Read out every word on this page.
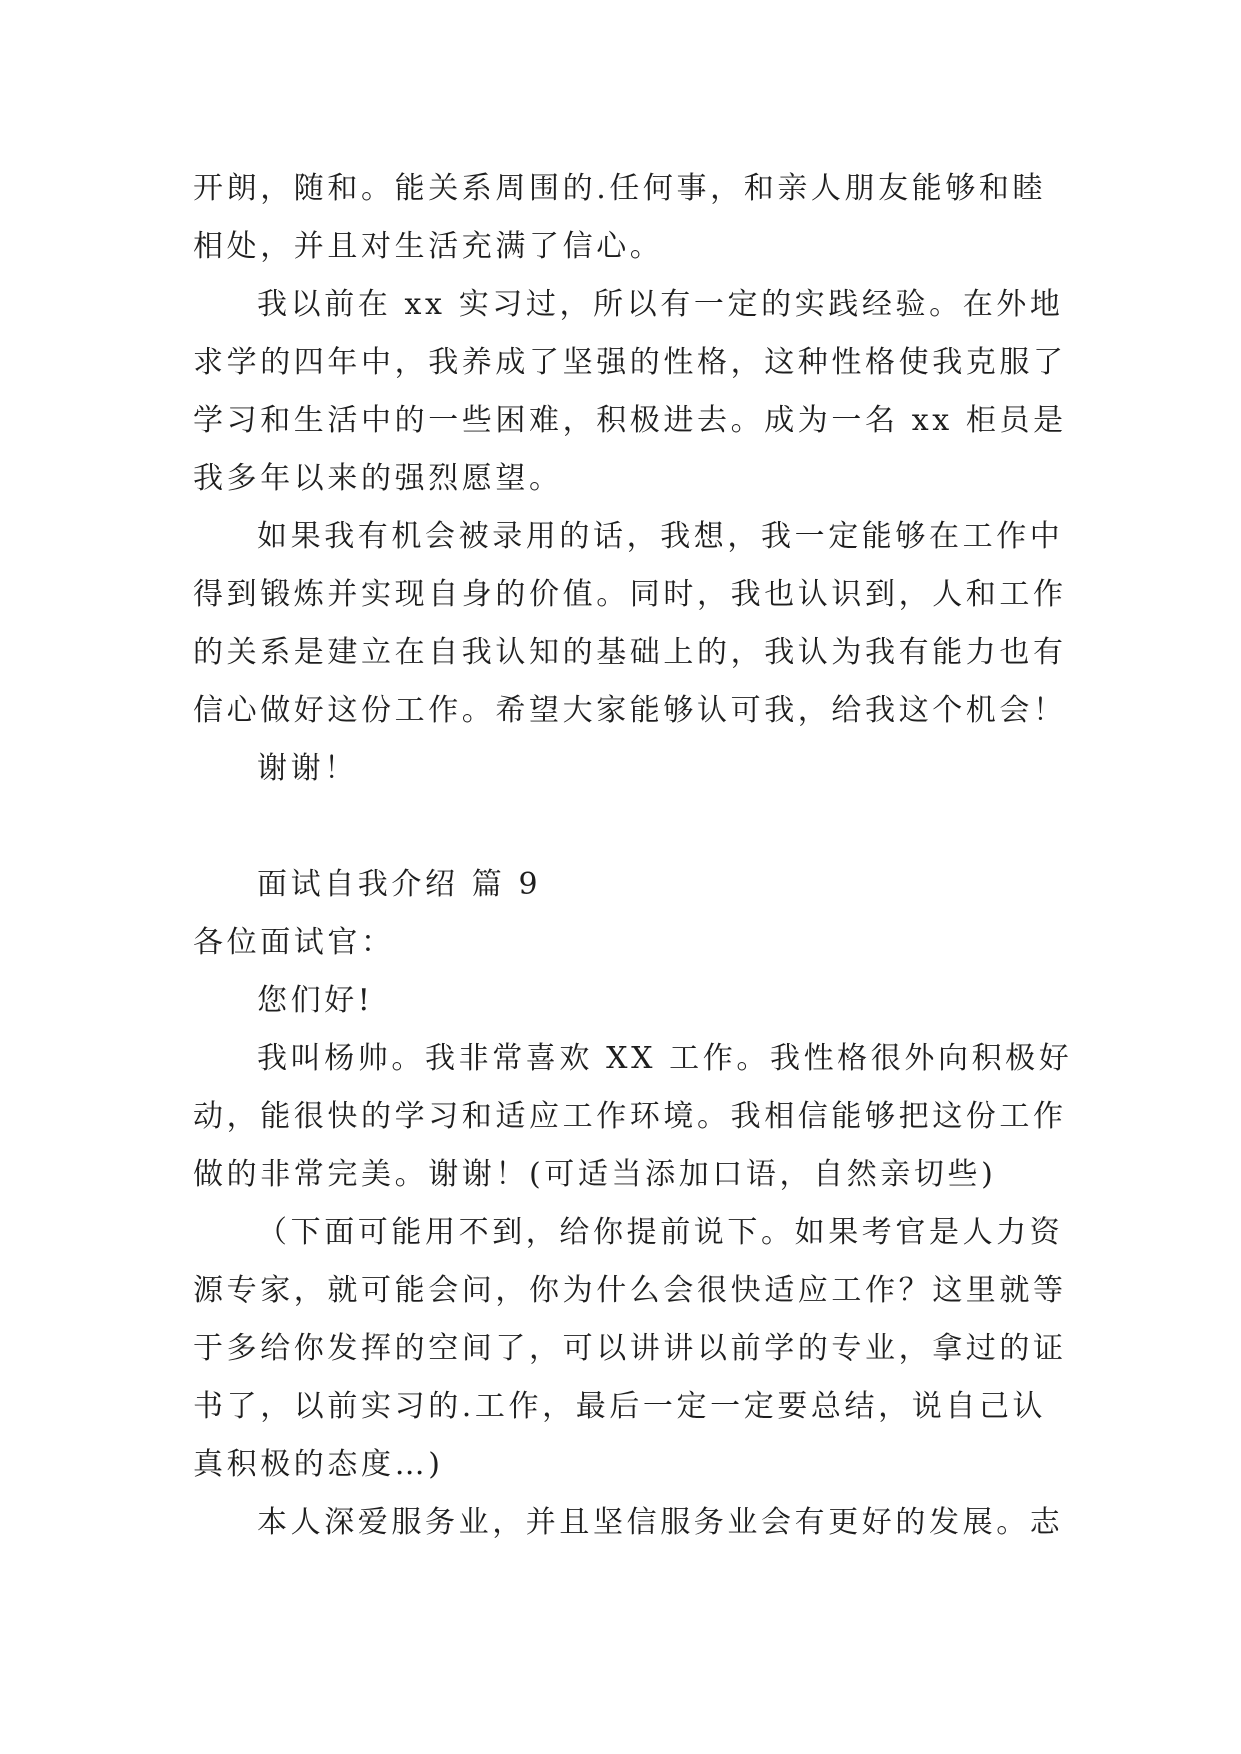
开朗，随和。能关系周围的.任何事，和亲人朋友能够和睦
相处，并且对生活充满了信心。
我以前在 xx 实习过，所以有一定的实践经验。在外地
求学的四年中，我养成了坚强的性格，这种性格使我克服了
学习和生活中的一些困难，积极进去。成为一名 xx 柜员是
我多年以来的强烈愿望。
如果我有机会被录用的话，我想，我一定能够在工作中
得到锻炼并实现自身的价值。同时，我也认识到，人和工作
的关系是建立在自我认知的基础上的，我认为我有能力也有
信心做好这份工作。希望大家能够认可我，给我这个机会！
谢谢！
面试自我介绍 篇 9
各位面试官：
您们好!
我叫杨帅。我非常喜欢 XX 工作。我性格很外向积极好
动，能很快的学习和适应工作环境。我相信能够把这份工作
做的非常完美。谢谢！(可适当添加口语，自然亲切些)
（下面可能用不到，给你提前说下。如果考官是人力资
源专家，就可能会问，你为什么会很快适应工作？这里就等
于多给你发挥的空间了，可以讲讲以前学的专业，拿过的证
书了，以前实习的.工作，最后一定一定要总结，说自己认
真积极的态度…)
本人深爱服务业，并且坚信服务业会有更好的发展。志
